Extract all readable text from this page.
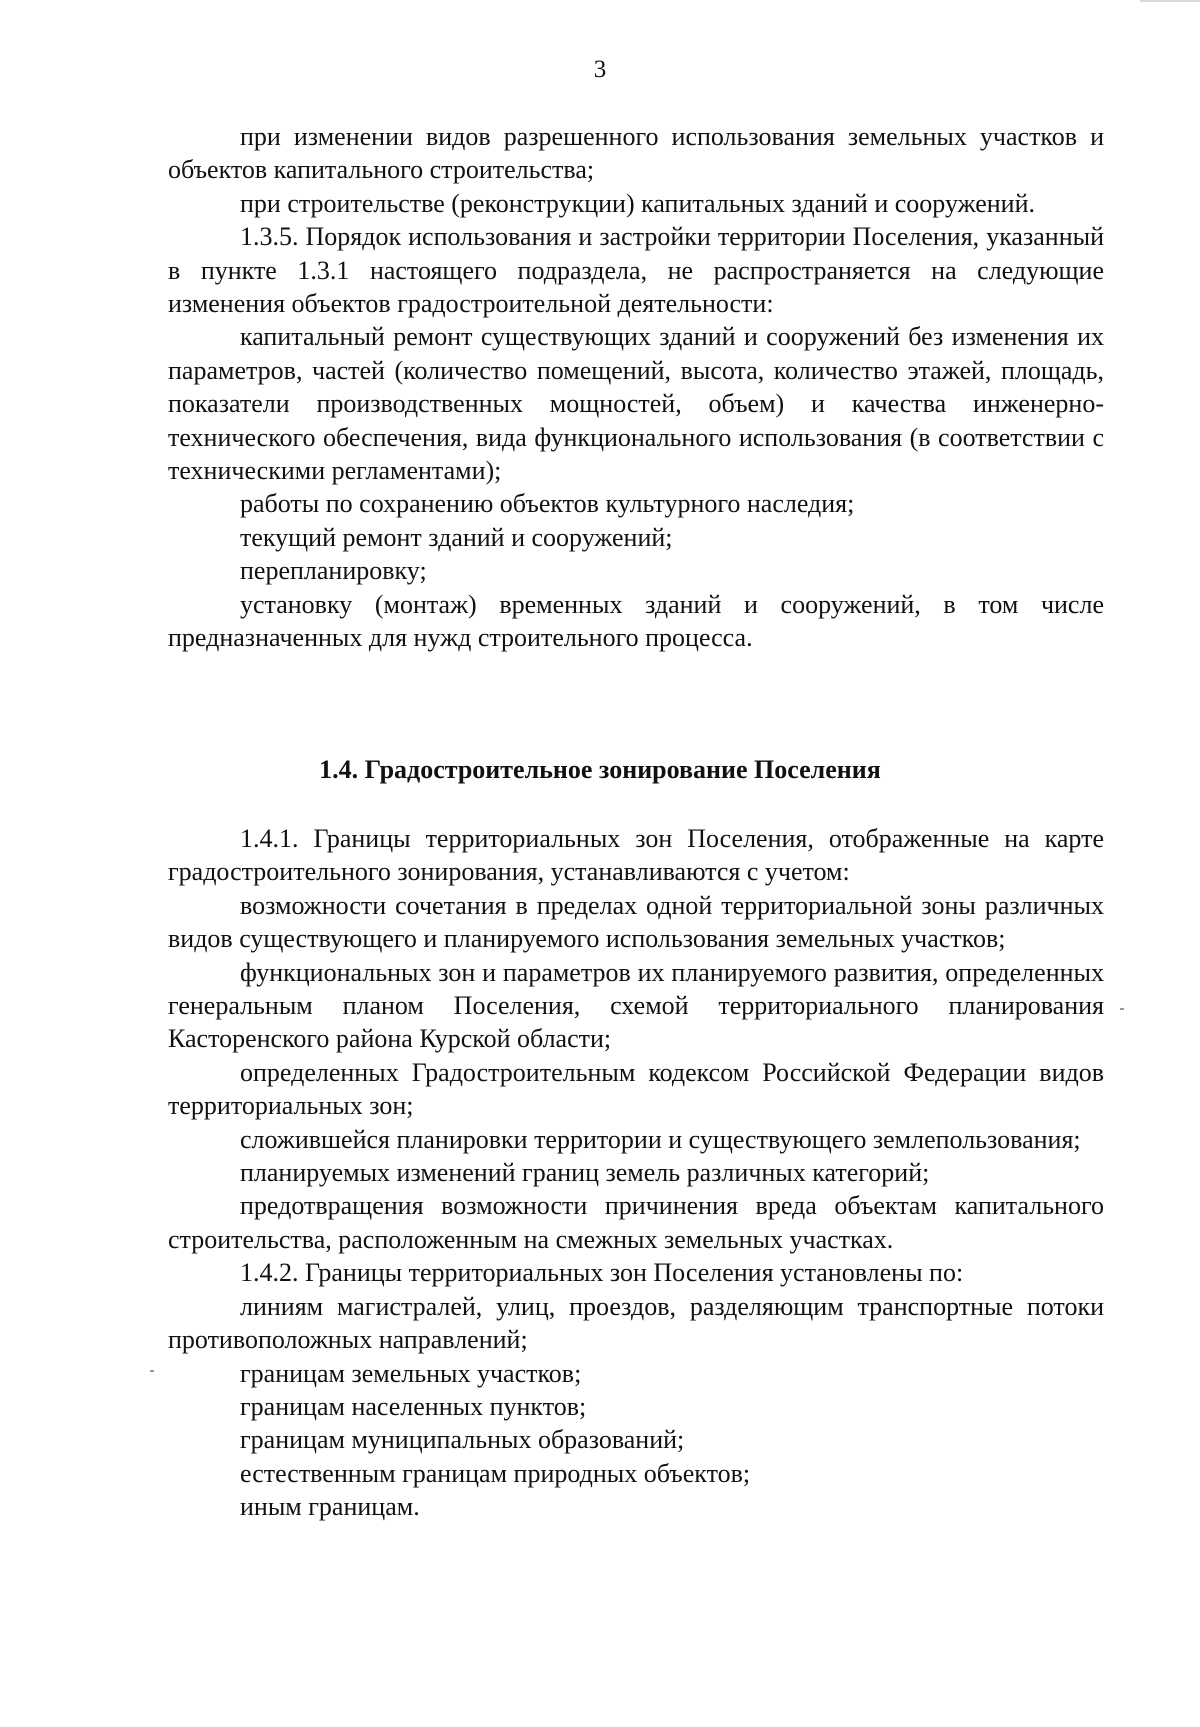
3

при изменении видов разрешенного использования земельных участков и объектов капитального строительства;

при строительстве (реконструкции) капитальных зданий и сооружений.

1.3.5. Порядок использования и застройки территории Поселения, указанный в пункте 1.3.1 настоящего подраздела, не распространяется на следующие изменения объектов градостроительной деятельности:

капитальный ремонт существующих зданий и сооружений без изменения их параметров, частей (количество помещений, высота, количество этажей, площадь, показатели производственных мощностей, объем) и качества инженерно-технического обеспечения, вида функционального использования (в соответствии с техническими регламентами);

работы по сохранению объектов культурного наследия;

текущий ремонт зданий и сооружений;

перепланировку;

установку (монтаж) временных зданий и сооружений, в том числе предназначенных для нужд строительного процесса.

1.4. Градостроительное зонирование Поселения

1.4.1. Границы территориальных зон Поселения, отображенные на карте градостроительного зонирования, устанавливаются с учетом:

возможности сочетания в пределах одной территориальной зоны различных видов существующего и планируемого использования земельных участков;

функциональных зон и параметров их планируемого развития, определенных генеральным планом Поселения, схемой территориального планирования Касторенского района Курской области;

определенных Градостроительным кодексом Российской Федерации видов территориальных зон;

сложившейся планировки территории и существующего землепользования;

планируемых изменений границ земель различных категорий;

предотвращения возможности причинения вреда объектам капитального строительства, расположенным на смежных земельных участках.

1.4.2. Границы территориальных зон Поселения установлены по:

линиям магистралей, улиц, проездов, разделяющим транспортные потоки противоположных направлений;

границам земельных участков;

границам населенных пунктов;

границам муниципальных образований;

естественным границам природных объектов;

иным границам.
